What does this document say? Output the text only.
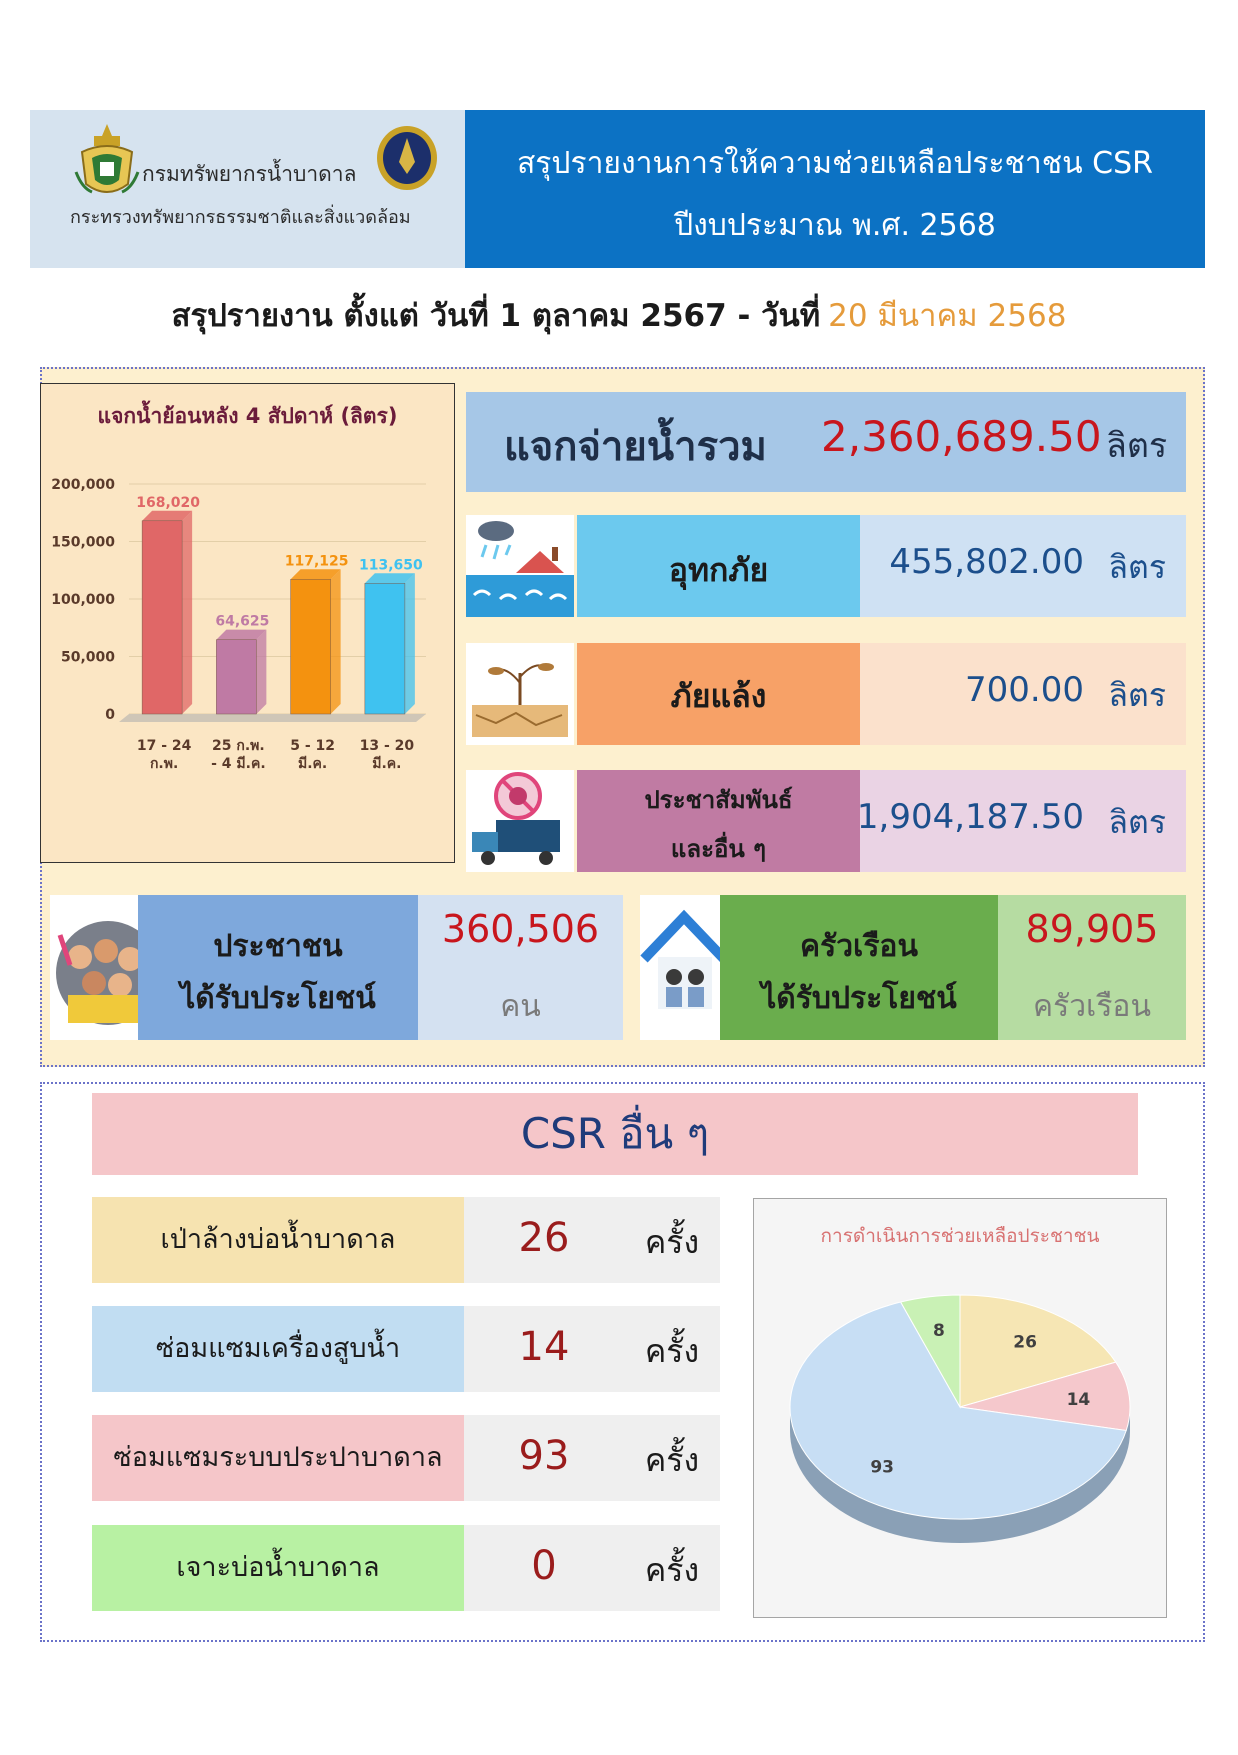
กรมทรัพยากรน้ำบาดาล
กระทรวงทรัพยากรธรรมชาติและสิ่งแวดล้อม
สรุปรายงานการให้ความช่วยเหลือประชาชน CSR
ปีงบประมาณ พ.ศ. 2568
สรุปรายงาน ตั้งแต่ วันที่ 1 ตุลาคม 2567 - วันที่ 20 มีนาคม 2568
แจกน้ำย้อนหลัง 4 สัปดาห์ (ลิตร)
200,000
150,000
100,000
50,000
0
168,020
17 - 24
ก.พ.
64,625
25 ก.พ.
- 4 มี.ค.
117,125
5 - 12
มี.ค.
113,650
13 - 20
มี.ค.
แจกจ่ายน้ำรวม 2,360,689.50 ลิตร
อุทกภัย	455,802.00 ลิตร
ภัยแล้ง	700.00 ลิตร
ประชาสัมพันธ์
และอื่น ๆ
1,904,187.50 ลิตร
ประชาชน
ได้รับประโยชน์
360,506
คน
ครัวเรือน
ได้รับประโยชน์
89,905
ครัวเรือน
CSR อื่น ๆ
เป่าล้างบ่อน้ำบาดาล	26	ครั้ง
ซ่อมแซมเครื่องสูบน้ำ	14	ครั้ง
ซ่อมแซมระบบประปาบาดาล	93	ครั้ง
เจาะบ่อน้ำบาดาล	0	ครั้ง
การดำเนินการช่วยเหลือประชาชน
26
14
93
8
